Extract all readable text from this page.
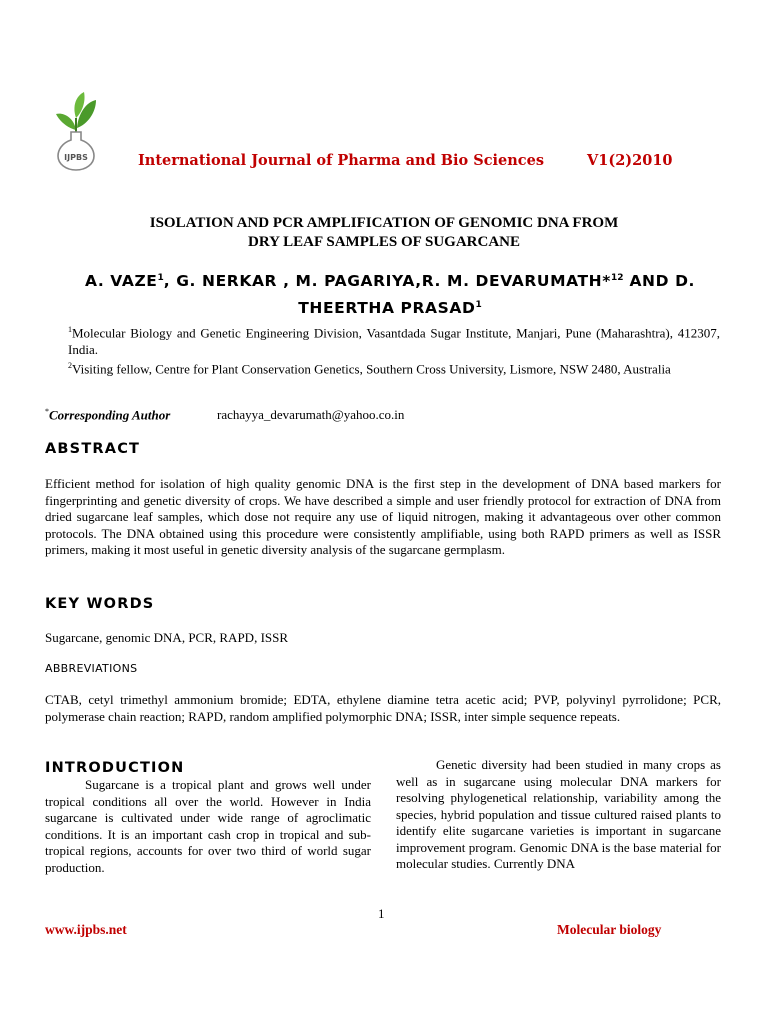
IJPBS	International Journal of Pharma and Bio Sciences	V1(2)2010
ISOLATION AND PCR AMPLIFICATION OF GENOMIC DNA FROM
DRY LEAF SAMPLES OF SUGARCANE
A. VAZE$^1$, G. NERKAR , M. PAGARIYA,R. M. DEVARUMATH*$^{12}$ AND D.
THEERTHA PRASAD$^1$
$^1$Molecular Biology and Genetic Engineering Division, Vasantdada Sugar Institute, Manjari, Pune (Maharashtra), 412307, India.
$^2$Visiting fellow, Centre for Plant Conservation Genetics, Southern Cross University, Lismore, NSW 2480, Australia
*Corresponding Author	rachayya_devarumath@yahoo.co.in
ABSTRACT
Efficient method for isolation of high quality genomic DNA is the first step in the development of DNA based markers for fingerprinting and genetic diversity of crops. We have described a simple and user friendly protocol for extraction of DNA from dried sugarcane leaf samples, which dose not require any use of liquid nitrogen, making it advantageous over other common protocols. The DNA obtained using this procedure were consistently amplifiable, using both RAPD primers as well as ISSR primers, making it most useful in genetic diversity analysis of the sugarcane germplasm.
KEY WORDS
Sugarcane, genomic DNA, PCR, RAPD, ISSR
ABBREVIATIONS
CTAB, cetyl trimethyl ammonium bromide; EDTA, ethylene diamine tetra acetic acid; PVP, polyvinyl pyrrolidone; PCR, polymerase chain reaction; RAPD, random amplified polymorphic DNA; ISSR, inter simple sequence repeats.
INTRODUCTION
Sugarcane is a tropical plant and grows well under tropical conditions all over the world. However in India sugarcane is cultivated under wide range of agroclimatic conditions. It is an important cash crop in tropical and sub-tropical regions, accounts for over two third of world sugar production.
Genetic diversity had been studied in many crops as well as in sugarcane using molecular DNA markers for resolving phylogenetical relationship, variability among the species, hybrid population and tissue cultured raised plants to identify elite sugarcane varieties is important in sugarcane improvement program. Genomic DNA is the base material for molecular studies. Currently DNA
1
www.ijpbs.net	Molecular biology
